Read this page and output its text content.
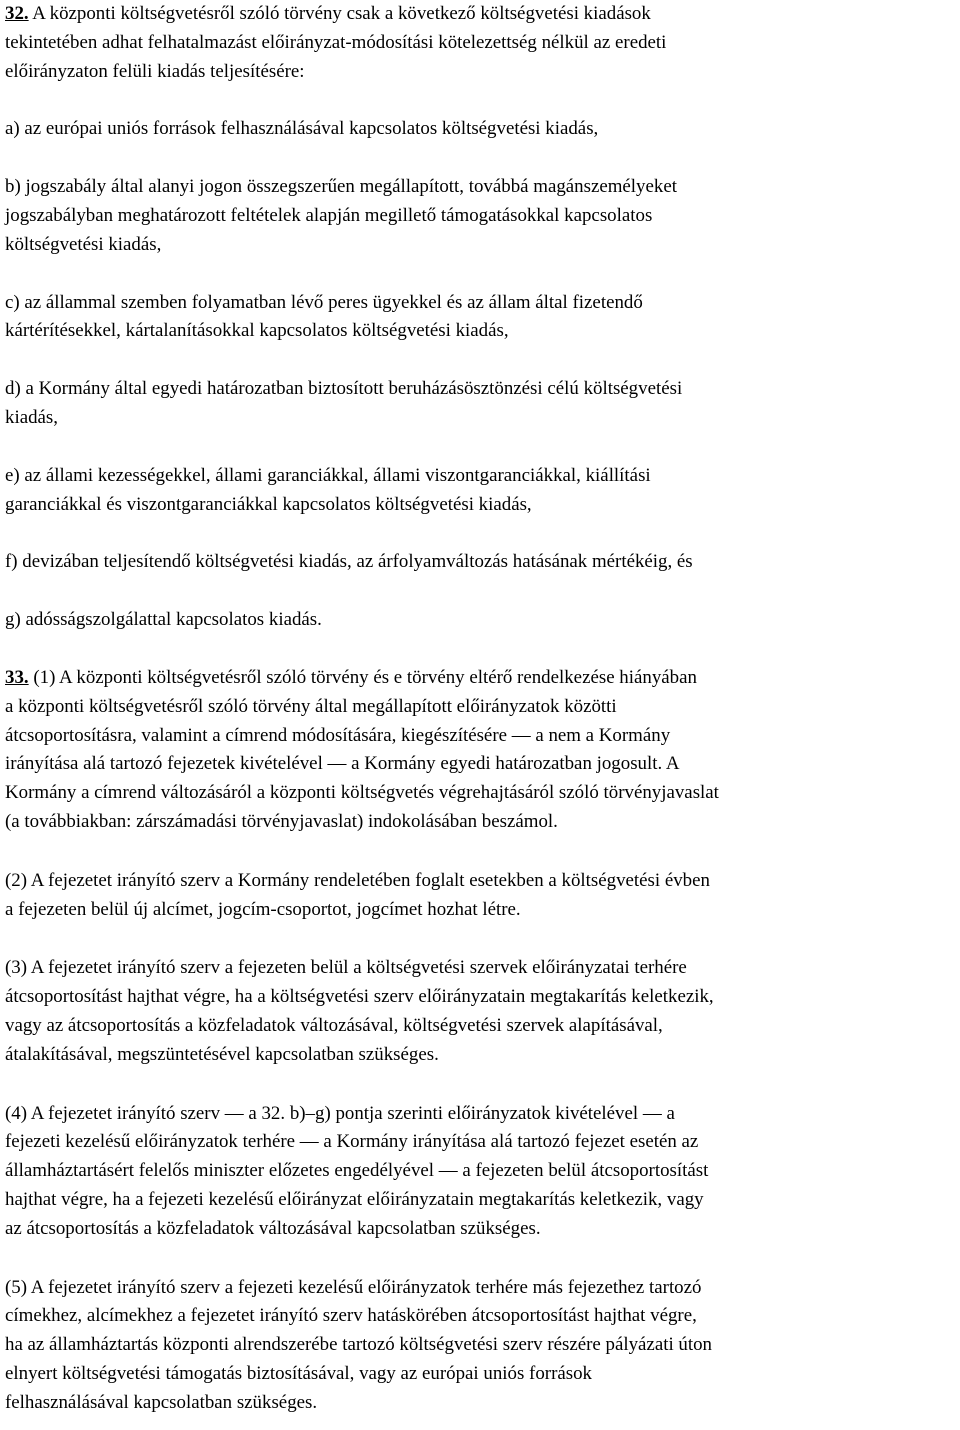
32. A központi költségvetésről szóló törvény csak a következő költségvetési kiadások
tekintetében adhat felhatalmazást előirányzat-módosítási kötelezettség nélkül az eredeti
előirányzaton felüli kiadás teljesítésére:

a) az európai uniós források felhasználásával kapcsolatos költségvetési kiadás,

b) jogszabály által alanyi jogon összegszerűen megállapított, továbbá magánszemélyeket
jogszabályban meghatározott feltételek alapján megillető támogatásokkal kapcsolatos
költségvetési kiadás,

c) az állammal szemben folyamatban lévő peres ügyekkel és az állam által fizetendő
kártérítésekkel, kártalanításokkal kapcsolatos költségvetési kiadás,

d) a Kormány által egyedi határozatban biztosított beruházásösztönzési célú költségvetési
kiadás,

e) az állami kezességekkel, állami garanciákkal, állami viszontgaranciákkal, kiállítási
garanciákkal és viszontgaranciákkal kapcsolatos költségvetési kiadás,

f) devizában teljesítendő költségvetési kiadás, az árfolyamváltozás hatásának mértékéig, és

g) adósságszolgálattal kapcsolatos kiadás.

33. (1) A központi költségvetésről szóló törvény és e törvény eltérő rendelkezése hiányában
a központi költségvetésről szóló törvény által megállapított előirányzatok közötti
átcsoportosításra, valamint a címrend módosítására, kiegészítésére — a nem a Kormány
irányítása alá tartozó fejezetek kivételével — a Kormány egyedi határozatban jogosult. A
Kormány a címrend változásáról a központi költségvetés végrehajtásáról szóló törvényjavaslat
(a továbbiakban: zárszámadási törvényjavaslat) indokolásában beszámol.

(2) A fejezetet irányító szerv a Kormány rendeletében foglalt esetekben a költségvetési évben
a fejezeten belül új alcímet, jogcím-csoportot, jogcímet hozhat létre.

(3) A fejezetet irányító szerv a fejezeten belül a költségvetési szervek előirányzatai terhére
átcsoportosítást hajthat végre, ha a költségvetési szerv előirányzatain megtakarítás keletkezik,
vagy az átcsoportosítás a közfeladatok változásával, költségvetési szervek alapításával,
átalakításával, megszüntetésével kapcsolatban szükséges.

(4) A fejezetet irányító szerv — a 32. b)–g) pontja szerinti előirányzatok kivételével — a
fejezeti kezelésű előirányzatok terhére — a Kormány irányítása alá tartozó fejezet esetén az
államháztartásért felelős miniszter előzetes engedélyével — a fejezeten belül átcsoportosítást
hajthat végre, ha a fejezeti kezelésű előirányzat előirányzatain megtakarítás keletkezik, vagy
az átcsoportosítás a közfeladatok változásával kapcsolatban szükséges.

(5) A fejezetet irányító szerv a fejezeti kezelésű előirányzatok terhére más fejezethez tartozó
címekhez, alcímekhez a fejezetet irányító szerv hatáskörében átcsoportosítást hajthat végre,
ha az államháztartás központi alrendszerébe tartozó költségvetési szerv részére pályázati úton
elnyert költségvetési támogatás biztosításával, vagy az európai uniós források
felhasználásával kapcsolatban szükséges.
